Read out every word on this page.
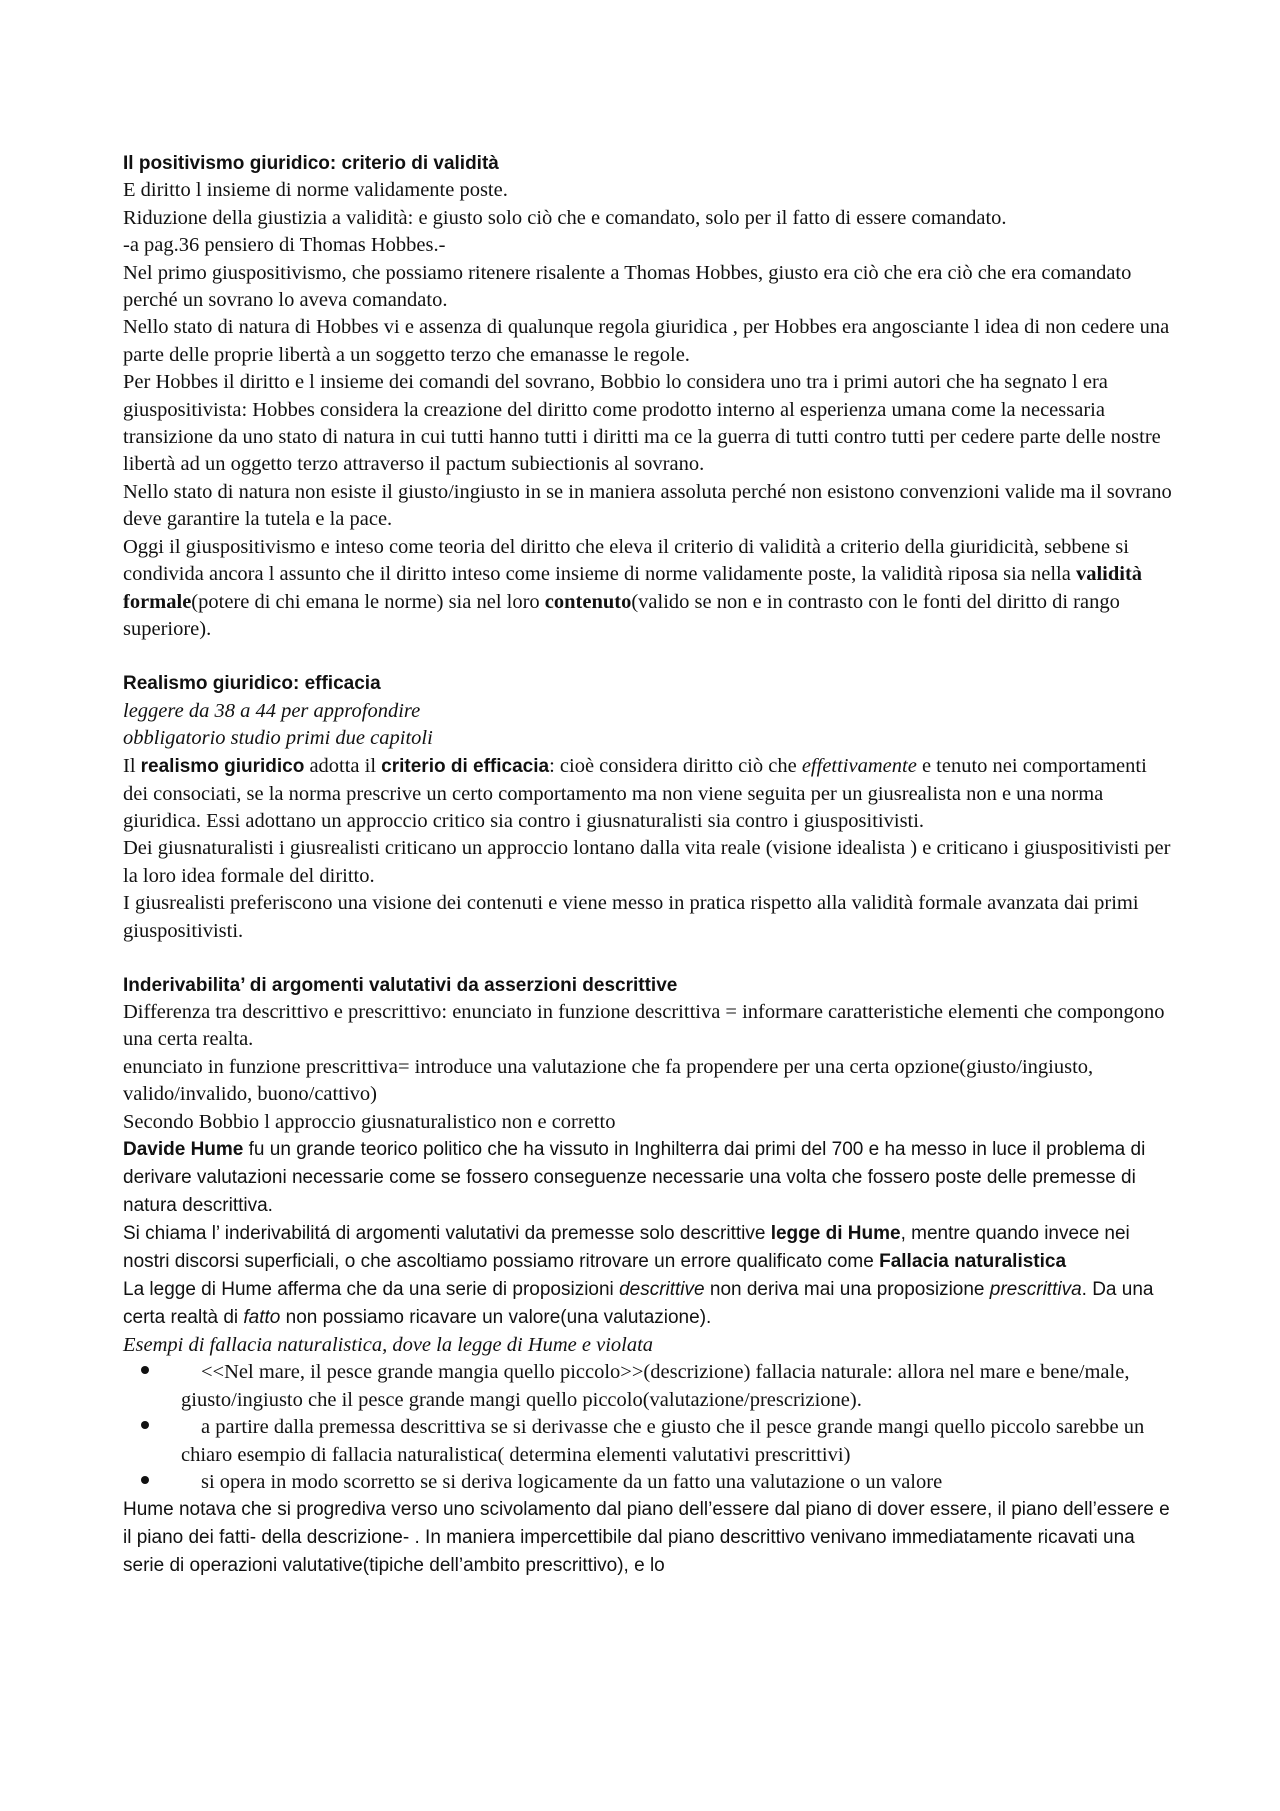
Il positivismo giuridico: criterio di validità

E diritto l insieme di norme validamente poste.

Riduzione della giustizia a validità: e giusto solo ciò che e comandato, solo per il fatto di essere comandato.

-a pag.36 pensiero di Thomas Hobbes.-

Nel primo giuspositivismo, che possiamo ritenere risalente a Thomas Hobbes, giusto era ciò che era ciò che era comandato perché un sovrano lo aveva comandato.

Nello stato di natura di Hobbes vi e assenza di qualunque regola giuridica , per Hobbes era angosciante l idea di non cedere una parte delle proprie libertà a un soggetto terzo che emanasse le regole.

Per Hobbes il diritto e l insieme dei comandi del sovrano, Bobbio lo considera uno tra i primi autori che ha segnato l era giuspositivista: Hobbes considera la creazione del diritto come prodotto interno al esperienza umana come la necessaria transizione da uno stato di natura in cui tutti hanno tutti i diritti ma ce la guerra di tutti contro tutti per cedere parte delle nostre libertà ad un oggetto terzo attraverso il pactum subiectionis al sovrano.

Nello stato di natura non esiste il giusto/ingiusto in se in maniera assoluta perché non esistono convenzioni valide ma il sovrano deve garantire la tutela e la pace.

Oggi il giuspositivismo e inteso come teoria del diritto che eleva il criterio di validità a criterio della giuridicità, sebbene si condivida ancora l assunto che il diritto inteso come insieme di norme validamente poste, la validità riposa sia nella validità formale(potere di chi emana le norme) sia nel loro contenuto(valido se non e in contrasto con le fonti del diritto di rango superiore).

Realismo giuridico: efficacia

leggere da 38 a 44 per approfondire

obbligatorio studio primi due capitoli

Il realismo giuridico adotta il criterio di efficacia: cioè considera diritto ciò che effettivamente e tenuto nei comportamenti dei consociati, se la norma prescrive un certo comportamento ma non viene seguita per un giusrealista non e una norma giuridica. Essi adottano un approccio critico sia contro i giusnaturalisti sia contro i giuspositivisti.

Dei giusnaturalisti i giusrealisti criticano un approccio lontano dalla vita reale (visione idealista ) e criticano i giuspositivisti per la loro idea formale del diritto.

I giusrealisti preferiscono una visione dei contenuti e viene messo in pratica rispetto alla validità formale avanzata dai primi giuspositivisti.

Inderivabilita’ di argomenti valutativi da asserzioni descrittive

Differenza tra descrittivo e prescrittivo: enunciato in funzione descrittiva = informare caratteristiche elementi che compongono una certa realta.

enunciato in funzione prescrittiva= introduce una valutazione che fa propendere per una certa opzione(giusto/ingiusto, valido/invalido, buono/cattivo)

Secondo Bobbio l approccio giusnaturalistico non e corretto

Davide Hume fu un grande teorico politico che ha vissuto in Inghilterra dai primi del 700 e ha messo in luce il problema di derivare valutazioni necessarie come se fossero conseguenze necessarie una volta che fossero poste delle premesse di natura descrittiva.

Si chiama l’ inderivabilitá di argomenti valutativi da premesse solo descrittive legge di Hume, mentre quando invece nei nostri discorsi superficiali, o che ascoltiamo possiamo ritrovare un errore qualificato come Fallacia naturalistica

La legge di Hume afferma che da una serie di proposizioni descrittive non deriva mai una proposizione prescrittiva. Da una certa realtà di fatto non possiamo ricavare un valore(una valutazione).

Esempi di fallacia naturalistica, dove la legge di Hume e violata

<<Nel mare, il pesce grande mangia quello piccolo>>(descrizione) fallacia naturale: allora nel mare e bene/male, giusto/ingiusto che il pesce grande mangi quello piccolo(valutazione/prescrizione).
a partire dalla premessa descrittiva se si derivasse che e giusto che il pesce grande mangi quello piccolo sarebbe un chiaro esempio di fallacia naturalistica( determina elementi valutativi prescrittivi)
si opera in modo scorretto se si deriva logicamente da un fatto una valutazione o un valore

Hume notava che si progrediva verso uno scivolamento dal piano dell’essere dal piano di dover essere, il piano dell’essere e il piano dei fatti- della descrizione- . In maniera impercettibile dal piano descrittivo venivano immediatamente ricavati una serie di operazioni valutative(tipiche dell’ambito prescrittivo), e lo
